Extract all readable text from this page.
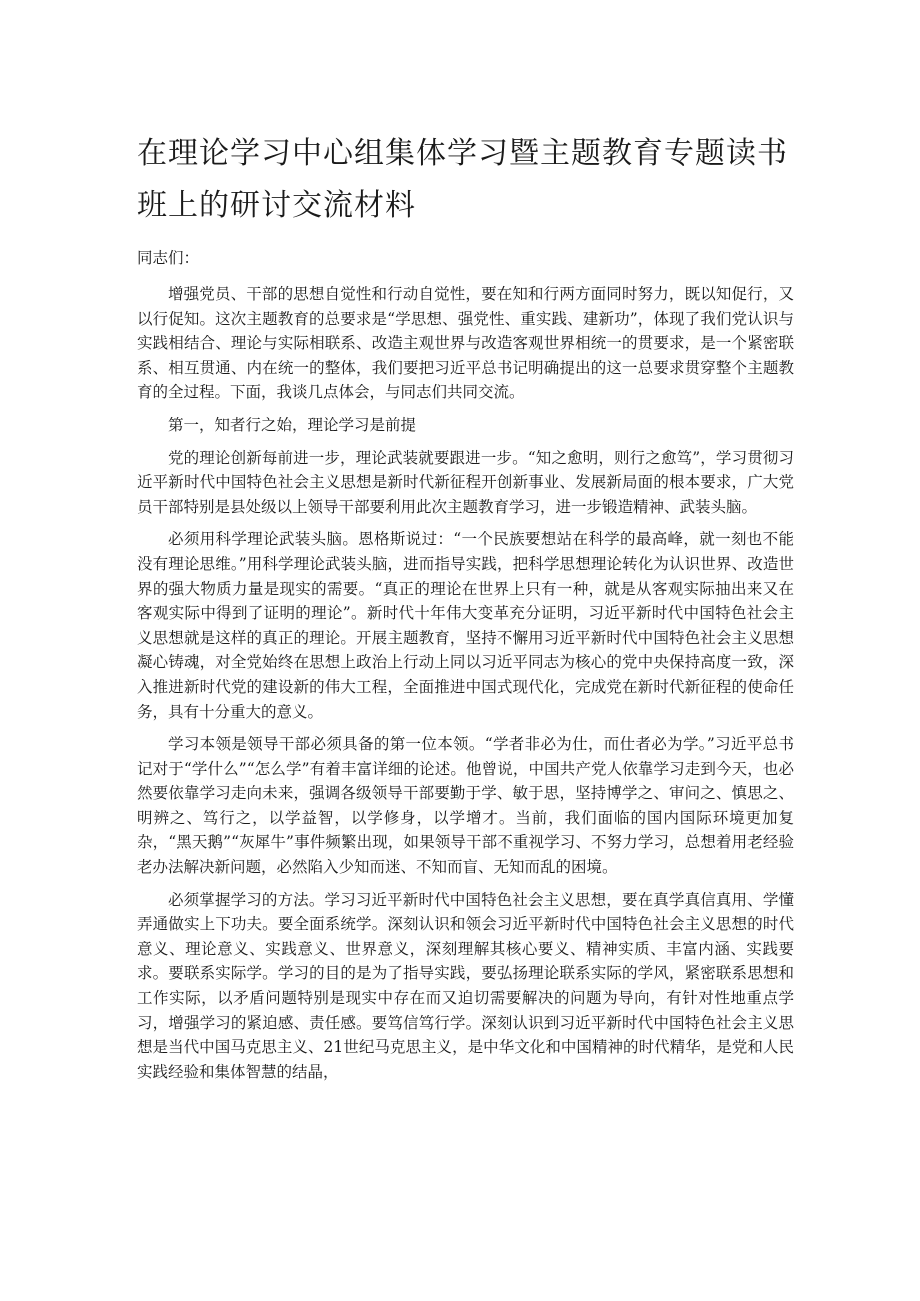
在理论学习中心组集体学习暨主题教育专题读书班上的研讨交流材料

同志们：

增强党员、干部的思想自觉性和行动自觉性，要在知和行两方面同时努力，既以知促行，又以行促知。这次主题教育的总要求是“学思想、强党性、重实践、建新功”，体现了我们党认识与实践相结合、理论与实际相联系、改造主观世界与改造客观世界相统一的贯要求，是一个紧密联系、相互贯通、内在统一的整体，我们要把习近平总书记明确提出的这一总要求贯穿整个主题教育的全过程。下面，我谈几点体会，与同志们共同交流。

第一，知者行之始，理论学习是前提

党的理论创新每前进一步，理论武装就要跟进一步。“知之愈明，则行之愈笃”，学习贯彻习近平新时代中国特色社会主义思想是新时代新征程开创新事业、发展新局面的根本要求，广大党员干部特别是县处级以上领导干部要利用此次主题教育学习，进一步锻造精神、武装头脑。

必须用科学理论武装头脑。恩格斯说过：“一个民族要想站在科学的最高峰，就一刻也不能没有理论思维。”用科学理论武装头脑，进而指导实践，把科学思想理论转化为认识世界、改造世界的强大物质力量是现实的需要。“真正的理论在世界上只有一种，就是从客观实际抽出来又在客观实际中得到了证明的理论”。新时代十年伟大变革充分证明，习近平新时代中国特色社会主义思想就是这样的真正的理论。开展主题教育，坚持不懈用习近平新时代中国特色社会主义思想凝心铸魂，对全党始终在思想上政治上行动上同以习近平同志为核心的党中央保持高度一致，深入推进新时代党的建设新的伟大工程，全面推进中国式现代化，完成党在新时代新征程的使命任务，具有十分重大的意义。

学习本领是领导干部必须具备的第一位本领。“学者非必为仕，而仕者必为学。”习近平总书记对于“学什么”“怎么学”有着丰富详细的论述。他曾说，中国共产党人依靠学习走到今天，也必然要依靠学习走向未来，强调各级领导干部要勤于学、敏于思，坚持博学之、审问之、慎思之、明辨之、笃行之，以学益智，以学修身，以学增才。当前，我们面临的国内国际环境更加复杂，“黑天鹅”“灰犀牛”事件频繁出现，如果领导干部不重视学习、不努力学习，总想着用老经验老办法解决新问题，必然陷入少知而迷、不知而盲、无知而乱的困境。

必须掌握学习的方法。学习习近平新时代中国特色社会主义思想，要在真学真信真用、学懂弄通做实上下功夫。要全面系统学。深刻认识和领会习近平新时代中国特色社会主义思想的时代意义、理论意义、实践意义、世界意义，深刻理解其核心要义、精神实质、丰富内涵、实践要求。要联系实际学。学习的目的是为了指导实践，要弘扬理论联系实际的学风，紧密联系思想和工作实际，以矛盾问题特别是现实中存在而又迫切需要解决的问题为导向，有针对性地重点学习，增强学习的紧迫感、责任感。要笃信笃行学。深刻认识到习近平新时代中国特色社会主义思想是当代中国马克思主义、21世纪马克思主义，是中华文化和中国精神的时代精华，是党和人民实践经验和集体智慧的结晶，
